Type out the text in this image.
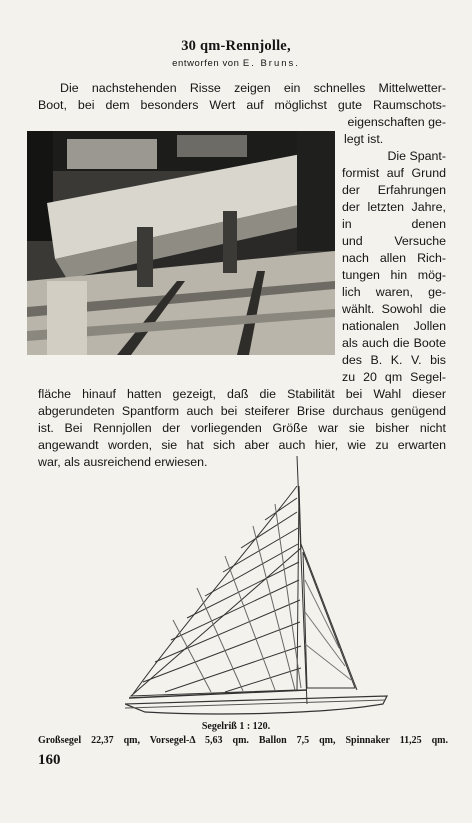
30 qm-Rennjolle,
entworfen von E. Bruns.
Die nachstehenden Risse zeigen ein schnelles Mittelwetter-
Boot, bei dem besonders Wert auf möglichst gute Raumschots-
eigenschaften ge-
legt ist.
Die Spant-
formist auf Grund
der Erfahrungen
der letzten Jahre,
in denen
und Versuche
nach allen Rich-
tungen hin mög-
lich waren, ge-
wählt. Sowohl die
nationalen Jollen
als auch die Boote
des B. K. V. bis
zu 20 qm Segel-
fläche hinauf hatten gezeigt, daß die Stabilität bei Wahl dieser
abgerundeten Spantform auch bei steiferer Brise durchaus genügend
ist. Bei Rennjollen der vorliegenden Größe war sie bisher nicht
angewandt worden, sie hat sich aber auch hier, wie zu erwarten
war, als ausreichend erwiesen.
Segelriß 1 : 120.
Großsegel 22,37 qm, Vorsegel-Δ 5,63 qm. Ballon 7,5 qm, Spinnaker 11,25 qm.
160
